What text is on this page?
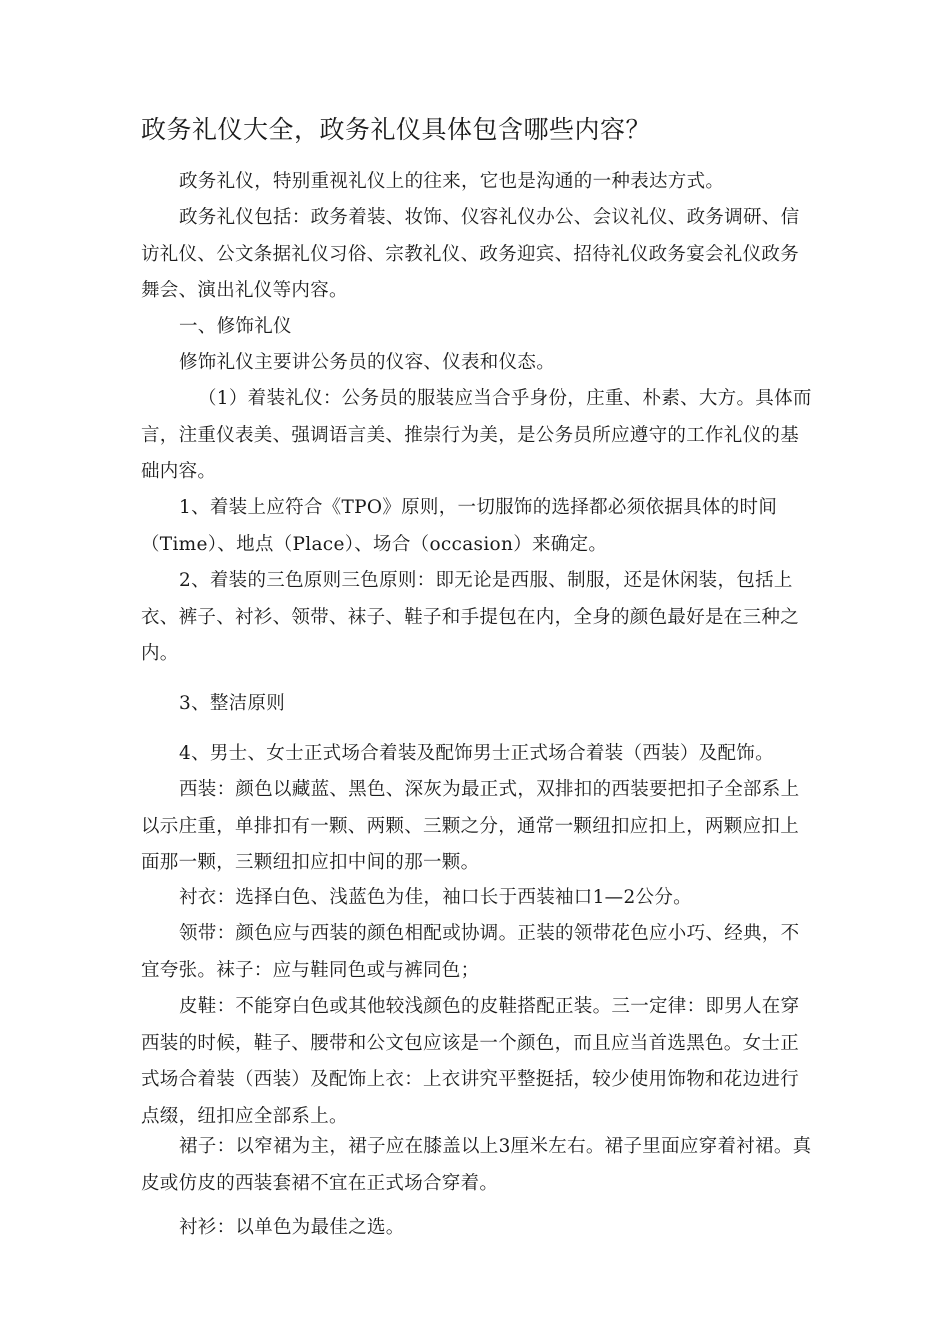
政务礼仪大全，政务礼仪具体包含哪些内容？

政务礼仪，特别重视礼仪上的往来，它也是沟通的一种表达方式。

政务礼仪包括：政务着装、妆饰、仪容礼仪办公、会议礼仪、政务调研、信访礼仪、公文条据礼仪习俗、宗教礼仪、政务迎宾、招待礼仪政务宴会礼仪政务舞会、演出礼仪等内容。

一、修饰礼仪

修饰礼仪主要讲公务员的仪容、仪表和仪态。

（1）着装礼仪：公务员的服装应当合乎身份，庄重、朴素、大方。具体而言，注重仪表美、强调语言美、推崇行为美，是公务员所应遵守的工作礼仪的基础内容。

1、着装上应符合《TPO》原则，一切服饰的选择都必须依据具体的时间（Time）、地点（Place）、场合（occasion）来确定。

2、着装的三色原则三色原则：即无论是西服、制服，还是休闲装，包括上衣、裤子、衬衫、领带、袜子、鞋子和手提包在内，全身的颜色最好是在三种之内。

3、整洁原则

4、男士、女士正式场合着装及配饰男士正式场合着装（西装）及配饰。

西装：颜色以藏蓝、黑色、深灰为最正式，双排扣的西装要把扣子全部系上以示庄重，单排扣有一颗、两颗、三颗之分，通常一颗纽扣应扣上，两颗应扣上面那一颗，三颗纽扣应扣中间的那一颗。

衬衣：选择白色、浅蓝色为佳，袖口长于西装袖口1—2公分。

领带：颜色应与西装的颜色相配或协调。正装的领带花色应小巧、经典，不宜夸张。袜子：应与鞋同色或与裤同色；

皮鞋：不能穿白色或其他较浅颜色的皮鞋搭配正装。三一定律：即男人在穿西装的时候，鞋子、腰带和公文包应该是一个颜色，而且应当首选黑色。女士正式场合着装（西装）及配饰上衣：上衣讲究平整挺括，较少使用饰物和花边进行点缀，纽扣应全部系上。

裙子：以窄裙为主，裙子应在膝盖以上3厘米左右。裙子里面应穿着衬裙。真皮或仿皮的西装套裙不宜在正式场合穿着。

衬衫：以单色为最佳之选。
